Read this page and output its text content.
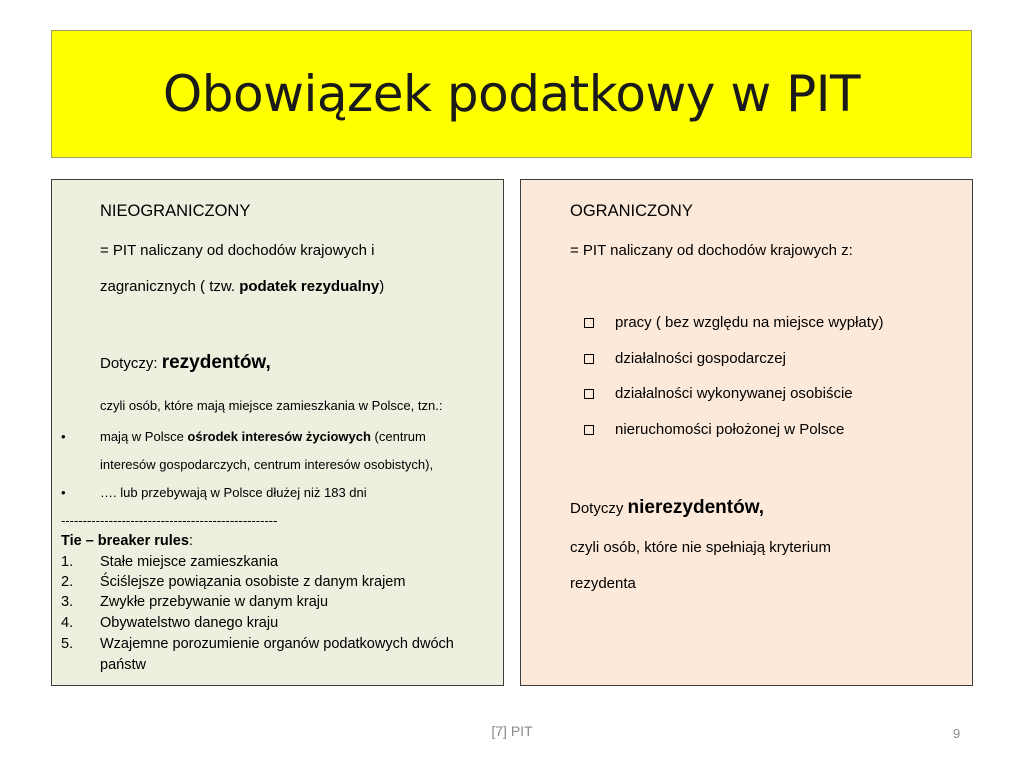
Obowiązek podatkowy w PIT
NIEOGRANICZONY
= PIT naliczany od dochodów krajowych i
zagranicznych ( tzw. podatek rezydualny)
Dotyczy: rezydentów,
czyli osób, które mają miejsce zamieszkania w Polsce, tzn.:
•	mają w Polsce ośrodek interesów życiowych (centrum
interesów gospodarczych, centrum interesów osobistych),
•	…. lub przebywają w Polsce dłużej niż 183 dni
--------------------------------------------------
Tie – breaker rules:
1. Stałe miejsce zamieszkania
2. Ściślejsze powiązania osobiste z danym krajem
3. Zwykłe przebywanie w danym kraju
4. Obywatelstwo danego kraju
5. Wzajemne porozumienie organów podatkowych dwóch
państw
OGRANICZONY
= PIT naliczany od dochodów krajowych z:
pracy ( bez względu na miejsce wypłaty)
działalności gospodarczej
działalności wykonywanej osobiście
nieruchomości położonej w Polsce
Dotyczy nierezydentów,
czyli osób, które nie spełniają kryterium
rezydenta
[7] PIT	9
